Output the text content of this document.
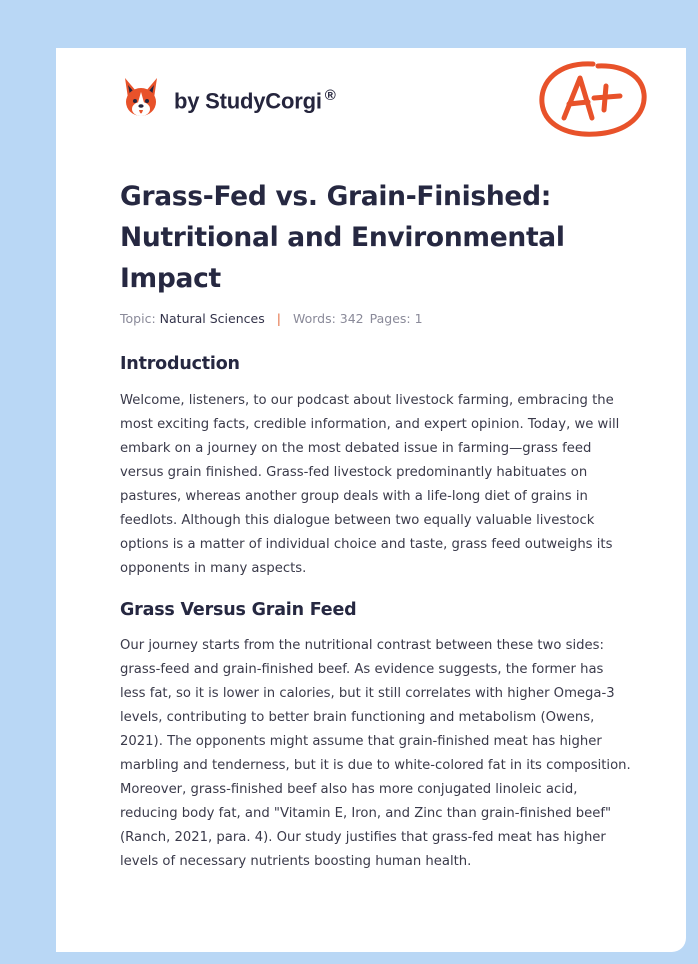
by StudyCorgi ®
Grass-Fed vs. Grain-Finished: Nutritional and Environmental Impact
Topic: Natural Sciences | Words: 342 Pages: 1
Introduction

Welcome, listeners, to our podcast about livestock farming, embracing the most exciting facts, credible information, and expert opinion. Today, we will embark on a journey on the most debated issue in farming—grass feed versus grain finished. Grass-fed livestock predominantly habituates on pastures, whereas another group deals with a life-long diet of grains in feedlots. Although this dialogue between two equally valuable livestock options is a matter of individual choice and taste, grass feed outweighs its opponents in many aspects.

Grass Versus Grain Feed

Our journey starts from the nutritional contrast between these two sides: grass-feed and grain-finished beef. As evidence suggests, the former has less fat, so it is lower in calories, but it still correlates with higher Omega-3 levels, contributing to better brain functioning and metabolism (Owens, 2021). The opponents might assume that grain-finished meat has higher marbling and tenderness, but it is due to white-colored fat in its composition. Moreover, grass-finished beef also has more conjugated linoleic acid, reducing body fat, and "Vitamin E, Iron, and Zinc than grain-finished beef" (Ranch, 2021, para. 4). Our study justifies that grass-fed meat has higher levels of necessary nutrients boosting human health.
